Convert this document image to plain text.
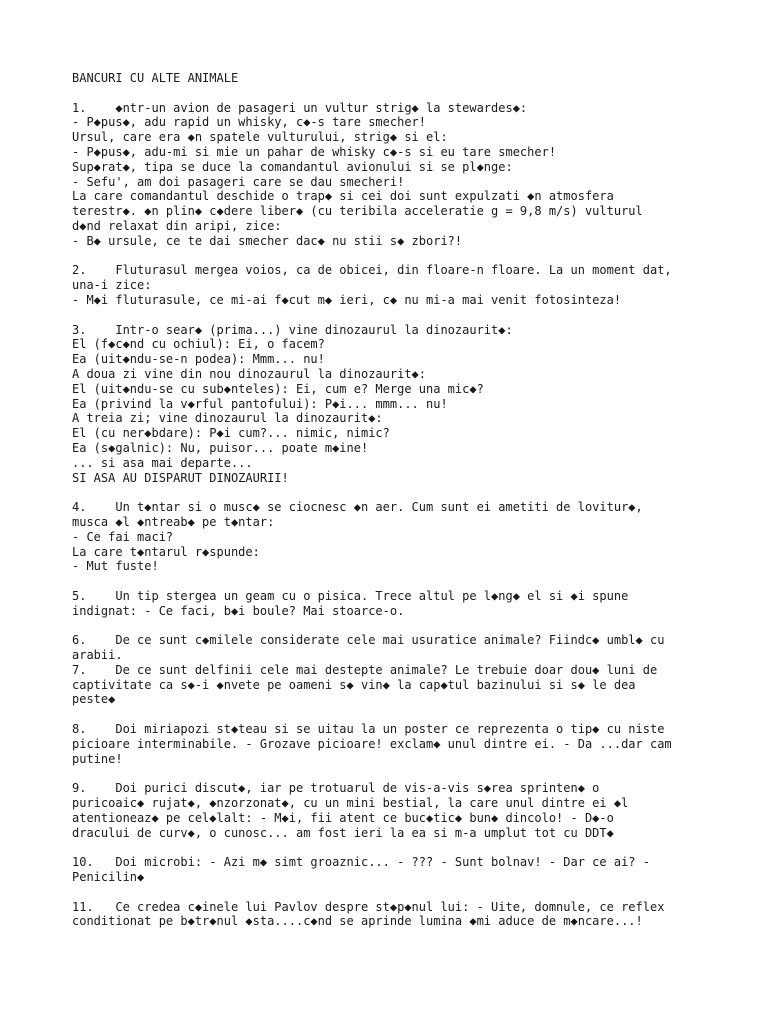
BANCURI CU ALTE ANIMALE

1.    ◆ntr-un avion de pasageri un vultur strig◆ la stewardes◆:

- P◆pus◆, adu rapid un whisky, c◆-s tare smecher!

Ursul, care era ◆n spatele vulturului, strig◆ si el:

- P◆pus◆, adu-mi si mie un pahar de whisky c◆-s si eu tare smecher!

Sup◆rat◆, tipa se duce la comandantul avionului si se pl◆nge:

- Sefu', am doi pasageri care se dau smecheri!

La care comandantul deschide o trap◆ si cei doi sunt expulzati ◆n atmosfera

terestr◆. ◆n plin◆ c◆dere liber◆ (cu teribila acceleratie g = 9,8 m/s) vulturul

d◆nd relaxat din aripi, zice:

- B◆ ursule, ce te dai smecher dac◆ nu stii s◆ zbori?!

2.    Fluturasul mergea voios, ca de obicei, din floare-n floare. La un moment dat,

una-i zice:

- M◆i fluturasule, ce mi-ai f◆cut m◆ ieri, c◆ nu mi-a mai venit fotosinteza!

3.    Intr-o sear◆ (prima...) vine dinozaurul la dinozaurit◆:

El (f◆c◆nd cu ochiul): Ei, o facem?

Ea (uit◆ndu-se-n podea): Mmm... nu!

A doua zi vine din nou dinozaurul la dinozaurit◆:

El (uit◆ndu-se cu sub◆nteles): Ei, cum e? Merge una mic◆?

Ea (privind la v◆rful pantofului): P◆i... mmm... nu!

A treia zi; vine dinozaurul la dinozaurit◆:

El (cu ner◆bdare): P◆i cum?... nimic, nimic?

Ea (s◆galnic): Nu, puisor... poate m◆ine!

... si asa mai departe...

SI ASA AU DISPARUT DINOZAURII!

4.    Un t◆ntar si o musc◆ se ciocnesc ◆n aer. Cum sunt ei ametiti de lovitur◆,

musca ◆l ◆ntreab◆ pe t◆ntar:

- Ce fai maci?

La care t◆ntarul r◆spunde:

- Mut fuste!

5.    Un tip stergea un geam cu o pisica. Trece altul pe l◆ng◆ el si ◆i spune

indignat: - Ce faci, b◆i boule? Mai stoarce-o.

6.    De ce sunt c◆milele considerate cele mai usuratice animale? Fiindc◆ umbl◆ cu

arabii.

7.    De ce sunt delfinii cele mai destepte animale? Le trebuie doar dou◆ luni de

captivitate ca s◆-i ◆nvete pe oameni s◆ vin◆ la cap◆tul bazinului si s◆ le dea

peste◆

8.    Doi miriapozi st◆teau si se uitau la un poster ce reprezenta o tip◆ cu niste

picioare interminabile. - Grozave picioare! exclam◆ unul dintre ei. - Da ...dar cam

putine!

9.    Doi purici discut◆, iar pe trotuarul de vis-a-vis s◆rea sprinten◆ o

puricoaic◆ rujat◆, ◆nzorzonat◆, cu un mini bestial, la care unul dintre ei ◆l

atentioneaz◆ pe cel◆lalt: - M◆i, fii atent ce buc◆tic◆ bun◆ dincolo! - D◆-o

dracului de curv◆, o cunosc... am fost ieri la ea si m-a umplut tot cu DDT◆

10.   Doi microbi: - Azi m◆ simt groaznic... - ??? - Sunt bolnav! - Dar ce ai? -

Penicilin◆

11.   Ce credea c◆inele lui Pavlov despre st◆p◆nul lui: - Uite, domnule, ce reflex

conditionat pe b◆tr◆nul ◆sta....c◆nd se aprinde lumina ◆mi aduce de m◆ncare...!
